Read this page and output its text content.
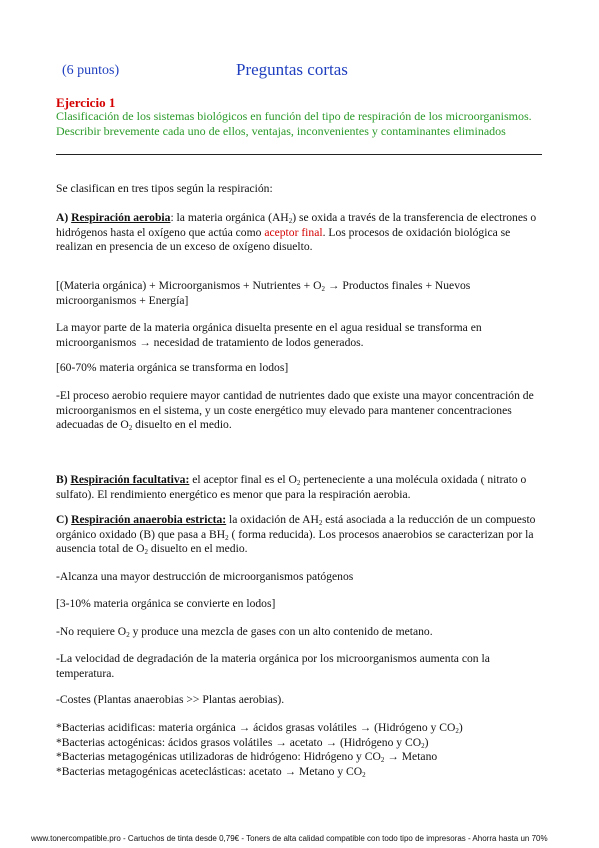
(6 puntos)	Preguntas cortas
Ejercicio 1
Clasificación de los sistemas biológicos en función del tipo de respiración de los microorganismos. Describir brevemente cada uno de ellos, ventajas, inconvenientes y contaminantes eliminados
Se clasifican en tres tipos según la respiración:
A) Respiración aerobia: la materia orgánica $(AH_2)$ se oxida a través de la transferencia de electrones o hidrógenos hasta el oxígeno que actúa como aceptor final. Los procesos de oxidación biológica se realizan en presencia de un exceso de oxígeno disuelto.
[(Materia orgánica) + Microorganismos + Nutrientes + $O_2$ → Productos finales + Nuevos microorganismos + Energía]
La mayor parte de la materia orgánica disuelta presente en el agua residual se transforma en microorganismos → necesidad de tratamiento de lodos generados.
[60-70% materia orgánica se transforma en lodos]
-El proceso aerobio requiere mayor cantidad de nutrientes dado que existe una mayor concentración de microorganismos en el sistema, y un coste energético muy elevado para mantener concentraciones adecuadas de $O_2$ disuelto en el medio.
B) Respiración facultativa: el aceptor final es el $O_2$ perteneciente a una molécula oxidada ( nitrato o sulfato). El rendimiento energético es menor que para la respiración aerobia.
C) Respiración anaerobia estricta: la oxidación de $AH_2$ está asociada a la reducción de un compuesto orgánico oxidado (B) que pasa a $BH_2$ ( forma reducida). Los procesos anaerobios se caracterizan por la ausencia total de $O_2$ disuelto en el medio.
-Alcanza una mayor destrucción de microorganismos patógenos
[3-10% materia orgánica se convierte en lodos]
-No requiere $O_2$ y produce una mezcla de gases con un alto contenido de metano.
-La velocidad de degradación de la materia orgánica por los microorganismos aumenta con la temperatura.
-Costes (Plantas anaerobias >> Plantas aerobias).
*Bacterias acidificas: materia orgánica → ácidos grasas volátiles → (Hidrógeno y $CO_2$)
*Bacterias actogénicas: ácidos grasos volátiles → acetato → (Hidrógeno y $CO_2$)
*Bacterias metagogénicas utilizadoras de hidrógeno: Hidrógeno y $CO_2 \to Metano$
*Bacterias metagogénicas aceteclásticas: acetato → Metano y $CO_2$
www.tonercompatible.pro - Cartuchos de tinta desde 0,79€ - Toners de alta calidad compatible con todo tipo de impresoras - Ahorra hasta un 70%
